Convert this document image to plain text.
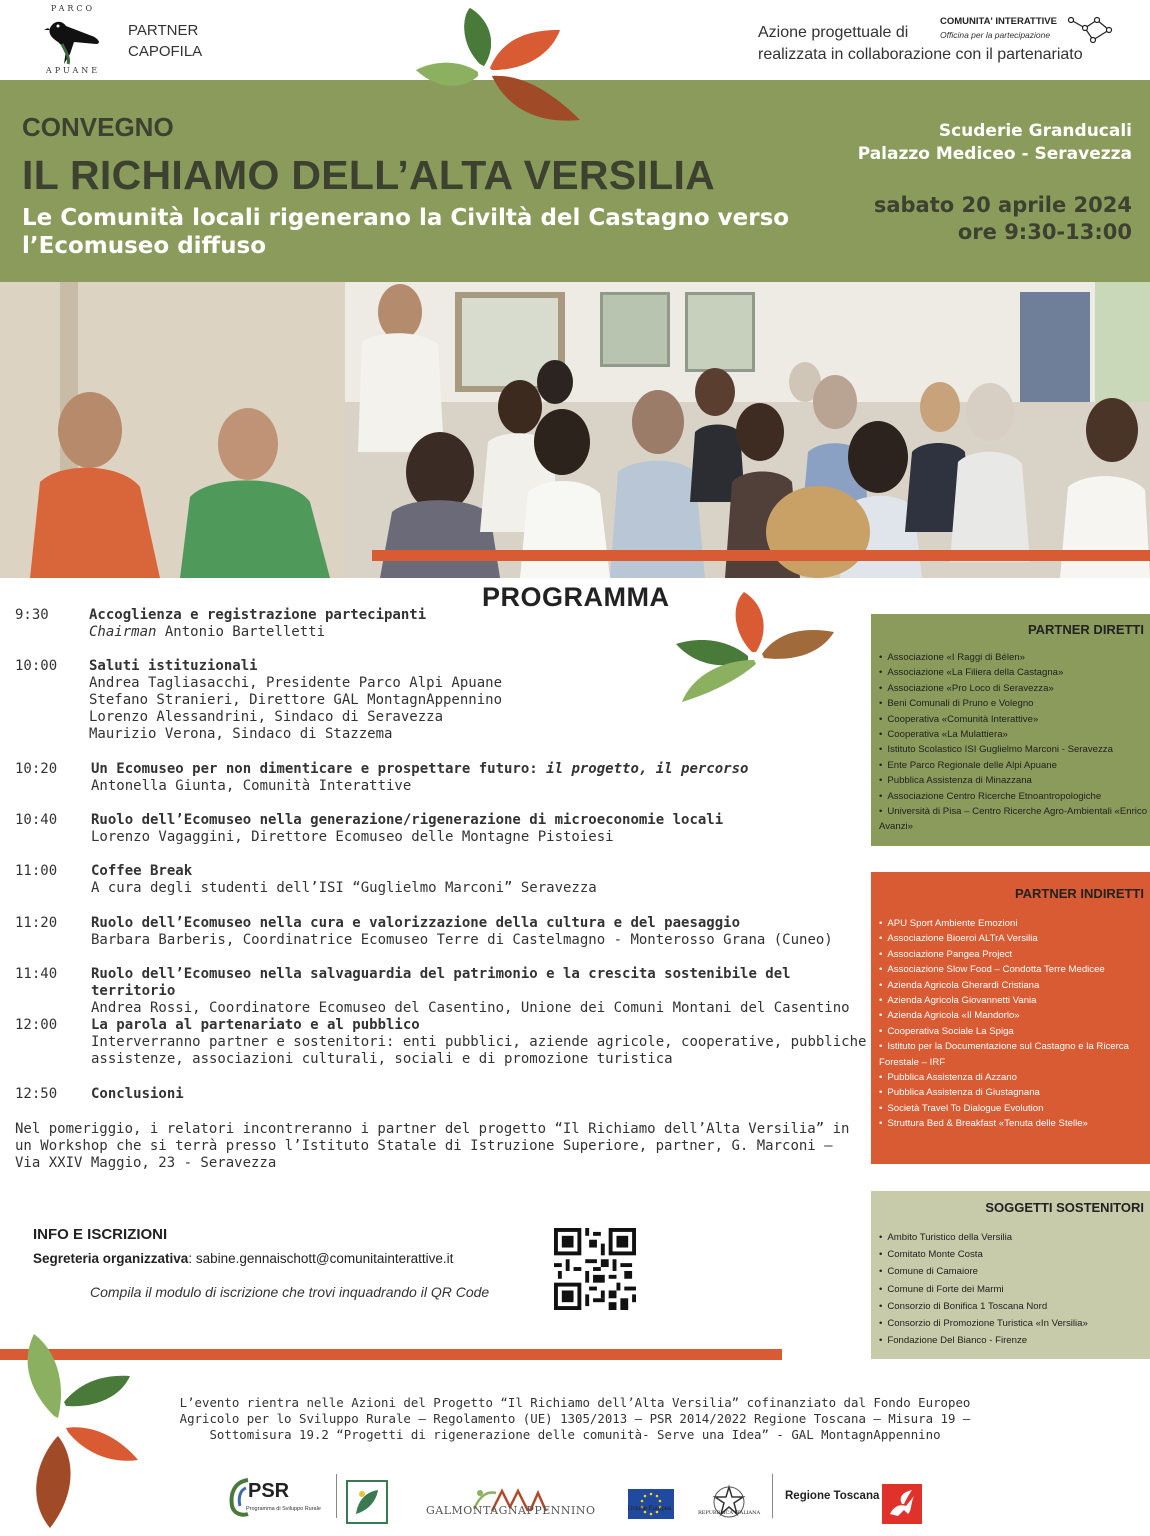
PARCO
APUANE
PARTNER
CAPOFILA
Azione progettuale di
realizzata in collaborazione con il partenariato
COMUNITA' INTERATTIVE
Officina per la partecipazione
CONVEGNO
IL RICHIAMO DELL’ALTA VERSILIA
Le Comunità locali rigenerano la Civiltà del Castagno verso l’Ecomuseo diffuso
Scuderie Granducali
Palazzo Mediceo - Seravezza
sabato 20 aprile 2024
ore 9:30-13:00
PROGRAMMA
9:30	Accoglienza e registrazione partecipanti
Chairman Antonio Bartelletti
10:00	Saluti istituzionali
Andrea Tagliasacchi, Presidente Parco Alpi Apuane
Stefano Stranieri, Direttore GAL MontagnAppennino
Lorenzo Alessandrini, Sindaco di Seravezza
Maurizio Verona, Sindaco di Stazzema
10:20	Un Ecomuseo per non dimenticare e prospettare futuro: il progetto, il percorso
Antonella Giunta, Comunità Interattive
10:40	Ruolo dell’Ecomuseo nella generazione/rigenerazione di microeconomie locali
Lorenzo Vagaggini, Direttore Ecomuseo delle Montagne Pistoiesi
11:00	Coffee Break
A cura degli studenti dell’ISI “Guglielmo Marconi” Seravezza
11:20	Ruolo dell’Ecomuseo nella cura e valorizzazione della cultura e del paesaggio
Barbara Barberis, Coordinatrice Ecomuseo Terre di Castelmagno - Monterosso Grana (Cuneo)
11:40	Ruolo dell’Ecomuseo nella salvaguardia del patrimonio e la crescita sostenibile del territorio
Andrea Rossi, Coordinatore Ecomuseo del Casentino, Unione dei Comuni Montani del Casentino
12:00	La parola al partenariato e al pubblico
Interverranno partner e sostenitori: enti pubblici, aziende agricole, cooperative, pubbliche
assistenze, associazioni culturali, sociali e di promozione turistica
12:50	Conclusioni
Nel pomeriggio, i relatori incontreranno i partner del progetto “Il Richiamo dell’Alta Versilia” in un Workshop che si terrà presso l’Istituto Statale di Istruzione Superiore, partner, G. Marconi – Via XXIV Maggio, 23 - Seravezza
PARTNER DIRETTI
• Associazione «I Raggi di Bélen»
• Associazione «La Filiera della Castagna»
• Associazione «Pro Loco di Seravezza»
• Beni Comunali di Pruno e Volegno
• Cooperativa «Comunità Interattive»
• Cooperativa «La Mulattiera»
• Istituto Scolastico ISI Guglielmo Marconi - Seravezza
• Ente Parco Regionale delle Alpi Apuane
• Pubblica Assistenza di Minazzana
• Associazione Centro Ricerche Etnoantropologiche
• Università di Pisa – Centro Ricerche Agro-Ambientali «Enrico Avanzi»
PARTNER INDIRETTI
• APU Sport Ambiente Emozioni
• Associazione Bioeroi ALTrA Versilia
• Associazione Pangea Project
• Associazione Slow Food – Condotta Terre Medicee
• Azienda Agricola Gherardi Cristiana
• Azienda Agricola Giovannetti Vania
• Azienda Agricola «Il Mandorlo»
• Cooperativa Sociale La Spiga
• Istituto per la Documentazione sul Castagno e la Ricerca Forestale – IRF
• Pubblica Assistenza di Azzano
• Pubblica Assistenza di Giustagnana
• Società Travel To Dialogue Evolution
• Struttura Bed & Breakfast «Tenuta delle Stelle»
SOGGETTI SOSTENITORI
• Ambito Turistico della Versilia
• Comitato Monte Costa
• Comune di Camaiore
• Comune di Forte dei Marmi
• Consorzio di Bonifica 1 Toscana Nord
• Consorzio di Promozione Turistica «In Versilia»
• Fondazione Del Bianco - Firenze
INFO E ISCRIZIONI
Segreteria organizzativa: sabine.gennaischott@comunitainterattive.it
Compila il modulo di iscrizione che trovi inquadrando il QR Code
L’evento rientra nelle Azioni del Progetto “Il Richiamo dell’Alta Versilia” cofinanziato dal Fondo Europeo Agricolo per lo Sviluppo Rurale – Regolamento (UE) 1305/2013 – PSR 2014/2022 Regione Toscana – Misura 19 – Sottomisura 19.2 “Progetti di rigenerazione delle comunità- Serve una Idea” - GAL MontagnAppennino
PSR
Programma di Sviluppo Rurale	GALMONTAGNAPPENNINO	Unione Europea
REPUBBLICA ITALIANA
Regione Toscana
